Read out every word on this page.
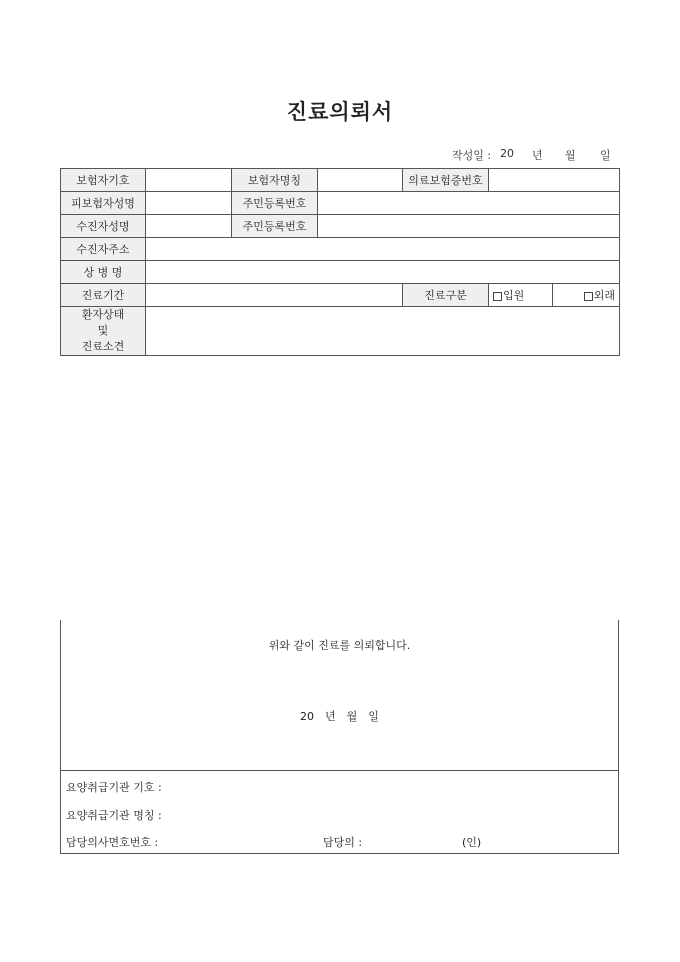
진료의뢰서
작성일 : 20 년 월 일
보험자기호		보험자명칭		의료보험증번호		
피보험자성명		주민등록번호				
수진자성명		주민등록번호				
수진자주소						
상 병 명						
진료기간				진료구분	입원	외래

환자상태
및
진료소견						

위와 같이 진료를 의뢰합니다.
20 년 월 일
요양취급기관 기호 :
요양취급기관 명칭 :
담당의사면호번호 :	담당의 :	(인)
